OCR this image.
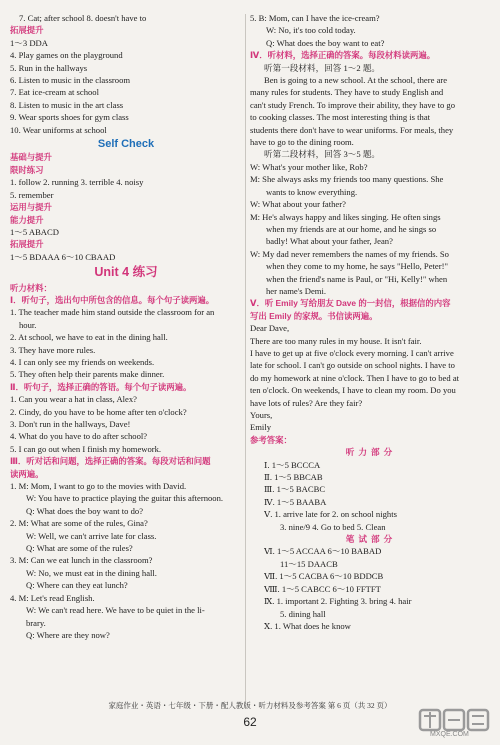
7. Cat; after school 8. doesn't have to
拓展提升
1～3 DDA
4. Play games on the playground
5. Run in the hallways
6. Listen to music in the classroom
7. Eat ice-cream at school
8. Listen to music in the art class
9. Wear sports shoes for gym class
10. Wear uniforms at school
Self Check
基础与提升
限时练习
1. follow 2. running 3. terrible 4. noisy
5. remember
运用与提升
能力提升
1～5 ABACD
拓展提升
1～5 BDAAA 6～10 CBAAD
Unit 4 练习
听力材料：
Ⅰ．听句子，选出句中所包含的信息。每个句子读两遍。
1. The teacher made him stand outside the classroom for an
hour.
2. At school, we have to eat in the dining hall.
3. They have more rules.
4. I can only see my friends on weekends.
5. They often help their parents make dinner.
Ⅱ．听句子，选择正确的答语。每个句子读两遍。
1. Can you wear a hat in class, Alex?
2. Cindy, do you have to be home after ten o'clock?
3. Don't run in the hallways, Dave!
4. What do you have to do after school?
5. I can go out when I finish my homework.
Ⅲ．听对话和问题，选择正确的答案。每段对话和问题
读两遍。
1. M: Mom, I want to go to the movies with David.
W: You have to practice playing the guitar this afternoon.
Q: What does the boy want to do?
2. M: What are some of the rules, Gina?
W: Well, we can't arrive late for class.
Q: What are some of the rules?
3. M: Can we eat lunch in the classroom?
W: No, we must eat in the dining hall.
Q: Where can they eat lunch?
4. M: Let's read English.
W: We can't read here. We have to be quiet in the li-
brary.
Q: Where are they now?
5. B: Mom, can I have the ice-cream?
W: No, it's too cold today.
Q: What does the boy want to eat?
Ⅳ．听材料，选择正确的答案。每段材料读两遍。
听第一段材料，回答 1～2 题。
Ben is going to a new school. At the school, there are
many rules for students. They have to study English and
can't study French. To improve their ability, they have to go
to cooking classes. The most interesting thing is that
students there don't have to wear uniforms. For meals, they
have to go to the dining room.
听第二段材料，回答 3～5 题。
W: What's your mother like, Rob?
M: She always asks my friends too many questions. She
wants to know everything.
W: What about your father?
M: He's always happy and likes singing. He often sings
when my friends are at our home, and he sings so
badly! What about your father, Jean?
W: My dad never remembers the names of my friends. So
when they come to my home, he says "Hello, Peter!"
when the friend's name is Paul, or "Hi, Kelly!" when
her name's Demi.
Ⅴ．听 Emily 写给朋友 Dave 的一封信，根据信的内容
写出 Emily 的家规。书信读两遍。
Dear Dave,
There are too many rules in my house. It isn't fair.
I have to get up at five o'clock every morning. I can't arrive
late for school. I can't go outside on school nights. I have to
do my homework at nine o'clock. Then I have to go to bed at
ten o'clock. On weekends, I have to clean my room. Do you
have lots of rules? Are they fair?
Yours,
Emily
参考答案：
听力部分
Ⅰ. 1～5 BCCCA
Ⅱ. 1～5 BBCAB
Ⅲ. 1～5 BACBC
Ⅳ. 1～5 BAABA
Ⅴ. 1. arrive late for 2. on school nights
3. nine/9 4. Go to bed 5. Clean
笔试部分
Ⅵ. 1～5 ACCAA 6～10 BABAD
11～15 DAACB
Ⅶ. 1～5 CACBA 6～10 BDDCB
Ⅷ. 1～5 CABCC 6～10 FFTFT
Ⅸ. 1. important 2. Fighting 3. bring 4. hair
5. dining hall
Ⅹ. 1. What does he know
家庭作业・英语・七年级・下册・配人教版・听力材料及参考答案 第 6 页（共 32 页）
62
MXQE.COM
